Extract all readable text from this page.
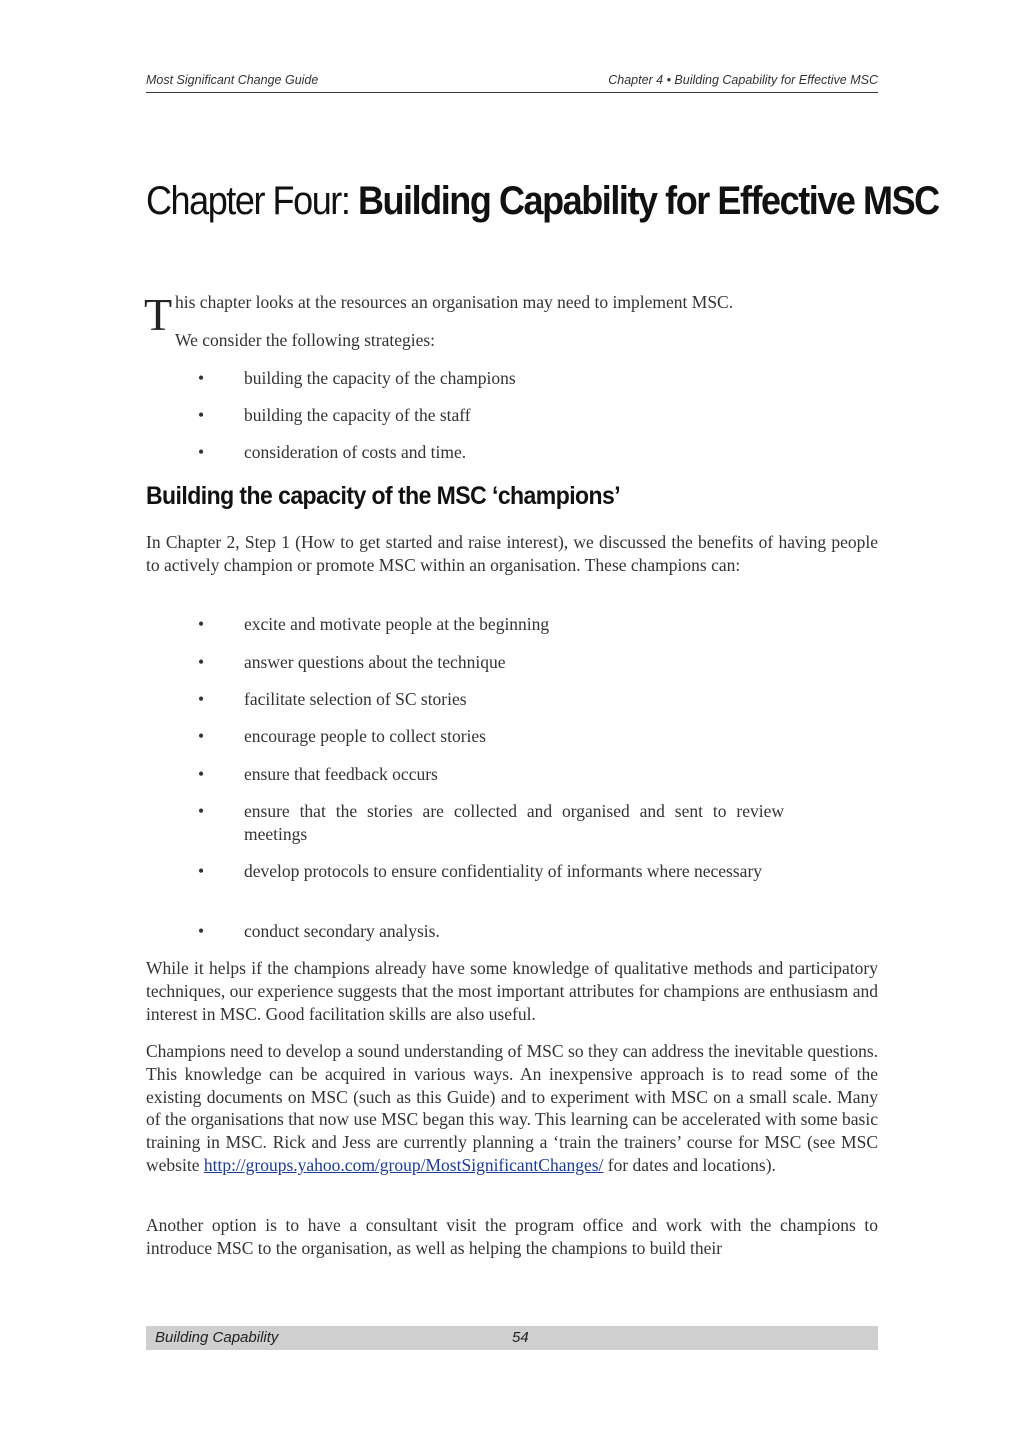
Most Significant Change Guide	Chapter 4 • Building Capability for Effective MSC
Chapter Four: Building Capability for Effective MSC
T his chapter looks at the resources an organisation may need to implement MSC.
We consider the following strategies:
• building the capacity of the champions
• building the capacity of the staff
• consideration of costs and time.
Building the capacity of the MSC ‘champions’
In Chapter 2, Step 1 (How to get started and raise interest), we discussed the benefits of having people to actively champion or promote MSC within an organisation. These champions can:
• excite and motivate people at the beginning
• answer questions about the technique
• facilitate selection of SC stories
• encourage people to collect stories
• ensure that feedback occurs
• ensure that the stories are collected and organised and sent to review meetings
• develop protocols to ensure confidentiality of informants where necessary
• conduct secondary analysis.
While it helps if the champions already have some knowledge of qualitative methods and participatory techniques, our experience suggests that the most important attributes for champions are enthusiasm and interest in MSC. Good facilitation skills are also useful.
Champions need to develop a sound understanding of MSC so they can address the inevitable questions. This knowledge can be acquired in various ways. An inexpensive approach is to read some of the existing documents on MSC (such as this Guide) and to experiment with MSC on a small scale. Many of the organisations that now use MSC began this way. This learning can be accelerated with some basic training in MSC. Rick and Jess are currently planning a ‘train the trainers’ course for MSC (see MSC website http://groups.yahoo.com/group/MostSignificantChanges/ for dates and locations).
Another option is to have a consultant visit the program office and work with the champions to introduce MSC to the organisation, as well as helping the champions to build their
Building Capability	54
